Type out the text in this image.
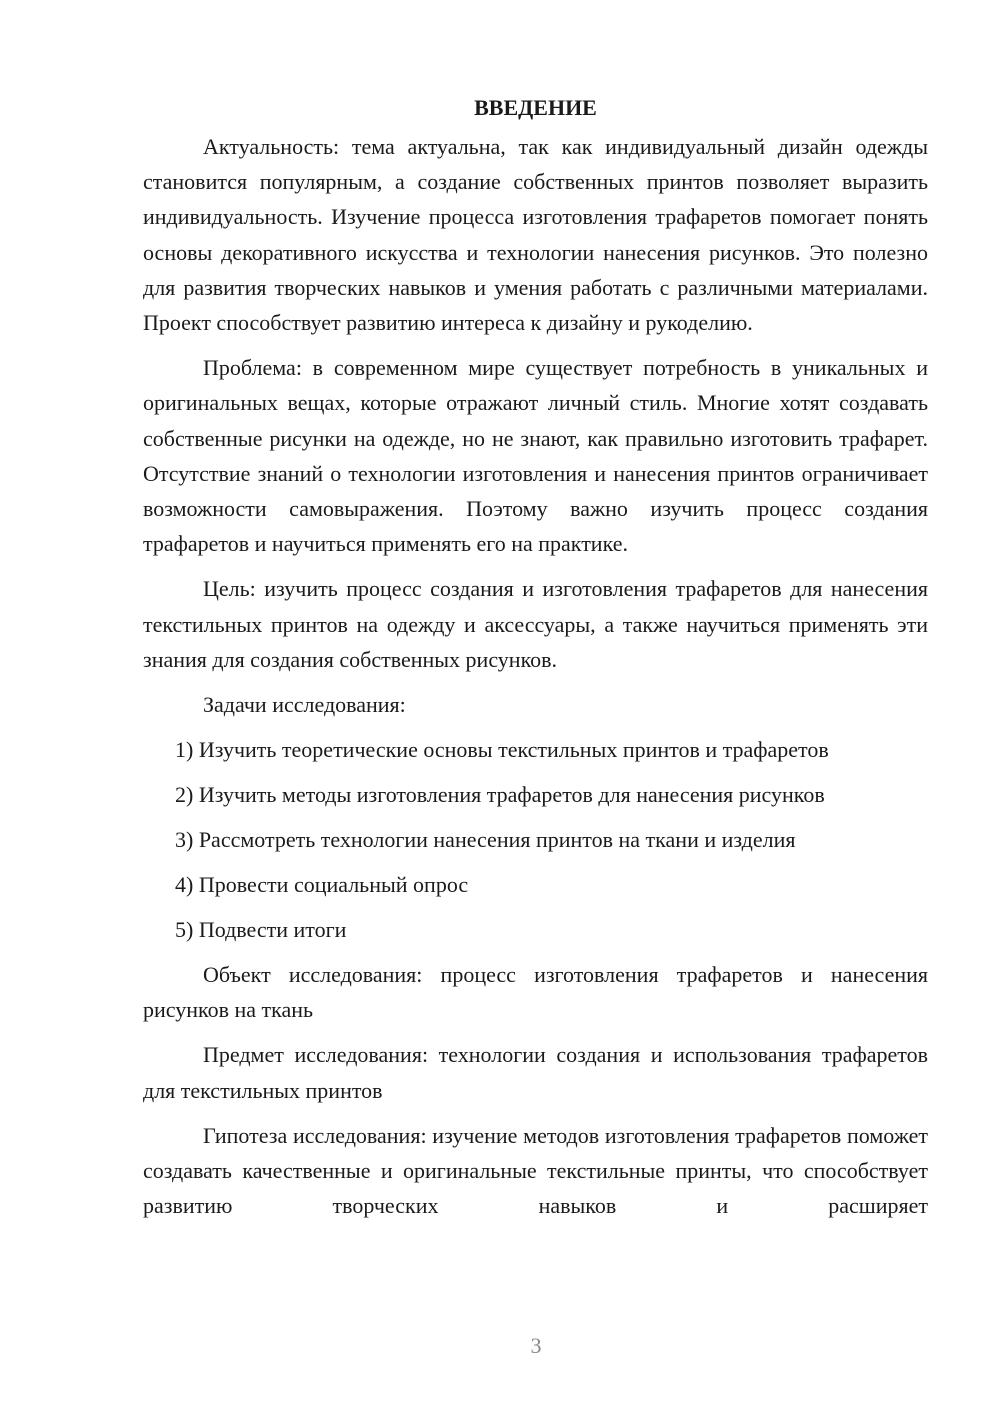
ВВЕДЕНИЕ

Актуальность: тема актуальна, так как индивидуальный дизайн одежды становится популярным, а создание собственных принтов позволяет выразить индивидуальность. Изучение процесса изготовления трафаретов помогает понять основы декоративного искусства и технологии нанесения рисунков. Это полезно для развития творческих навыков и умения работать с различными материалами. Проект способствует развитию интереса к дизайну и рукоделию.

Проблема: в современном мире существует потребность в уникальных и оригинальных вещах, которые отражают личный стиль. Многие хотят создавать собственные рисунки на одежде, но не знают, как правильно изготовить трафарет. Отсутствие знаний о технологии изготовления и нанесения принтов ограничивает возможности самовыражения. Поэтому важно изучить процесс создания трафаретов и научиться применять его на практике.

Цель: изучить процесс создания и изготовления трафаретов для нанесения текстильных принтов на одежду и аксессуары, а также научиться применять эти знания для создания собственных рисунков.

Задачи исследования:
1) Изучить теоретические основы текстильных принтов и трафаретов
2) Изучить методы изготовления трафаретов для нанесения рисунков
3) Рассмотреть технологии нанесения принтов на ткани и изделия
4) Провести социальный опрос
5) Подвести итоги

Объект исследования: процесс изготовления трафаретов и нанесения рисунков на ткань

Предмет исследования: технологии создания и использования трафаретов для текстильных принтов

Гипотеза исследования: изучение методов изготовления трафаретов поможет создавать качественные и оригинальные текстильные принты, что способствует развитию творческих навыков и расширяет

3
